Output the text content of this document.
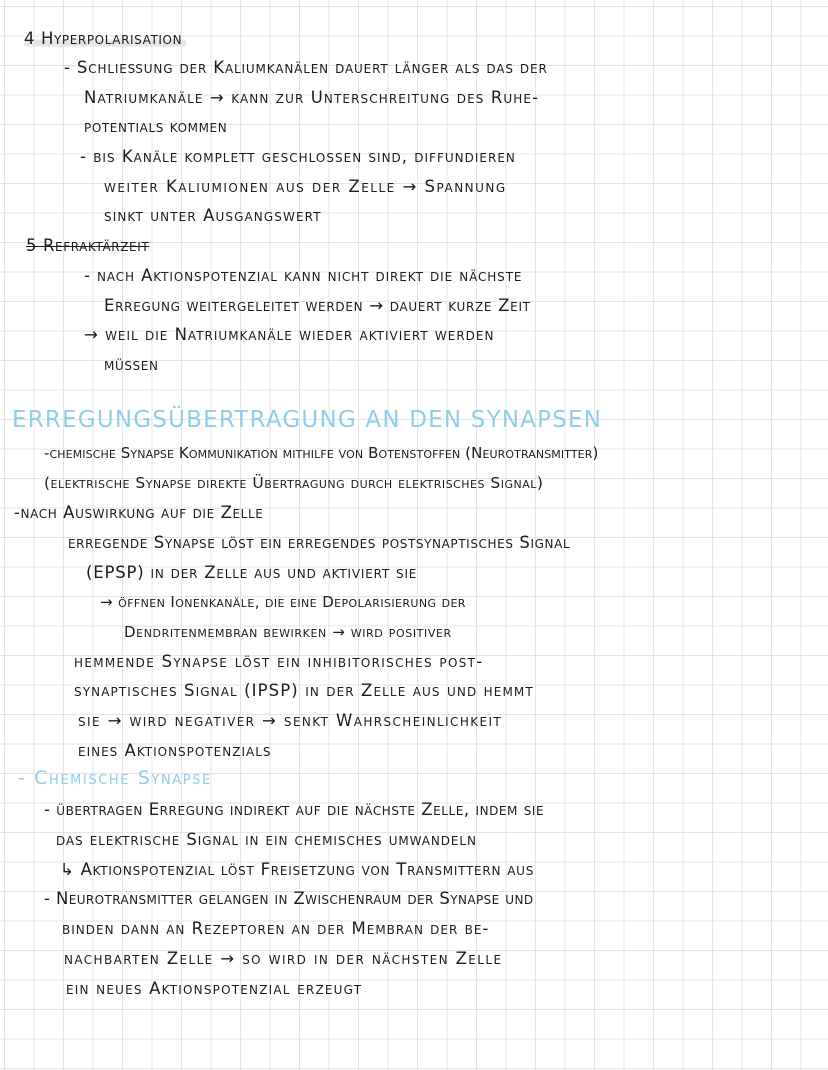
4 Hyperpolarisation
- Schließung der Kaliumkanälen dauert länger als das der
Natriumkanäle → kann zur Unterschreitung des Ruhe-
potentials kommen
- bis Kanäle komplett geschlossen sind, diffundieren
weiter Kaliumionen aus der Zelle → Spannung
sinkt unter Ausgangswert
5 Refraktärzeit
- nach Aktionspotenzial kann nicht direkt die nächste
Erregung weitergeleitet werden → dauert kurze Zeit
→ weil die Natriumkanäle wieder aktiviert werden
müssen
ERREGUNGSÜBERTRAGUNG AN DEN SYNAPSEN
-chemische Synapse Kommunikation mithilfe von Botenstoffen (Neurotransmitter)
(elektrische Synapse direkte Übertragung durch elektrisches Signal)
-nach Auswirkung auf die Zelle
erregende Synapse löst ein erregendes postsynaptisches Signal
(EPSP) in der Zelle aus und aktiviert sie
→ öffnen Ionenkanäle, die eine Depolarisierung der
Dendritenmembran bewirken → wird positiver
hemmende Synapse löst ein inhibitorisches post-
synaptisches Signal (IPSP) in der Zelle aus und hemmt
sie → wird negativer → senkt Wahrscheinlichkeit
eines Aktionspotenzials
- Chemische Synapse
- übertragen Erregung indirekt auf die nächste Zelle, indem sie
das elektrische Signal in ein chemisches umwandeln
↳ Aktionspotenzial löst Freisetzung von Transmittern aus
- Neurotransmitter gelangen in Zwischenraum der Synapse und
binden dann an Rezeptoren an der Membran der be-
nachbarten Zelle → so wird in der nächsten Zelle
ein neues Aktionspotenzial erzeugt
